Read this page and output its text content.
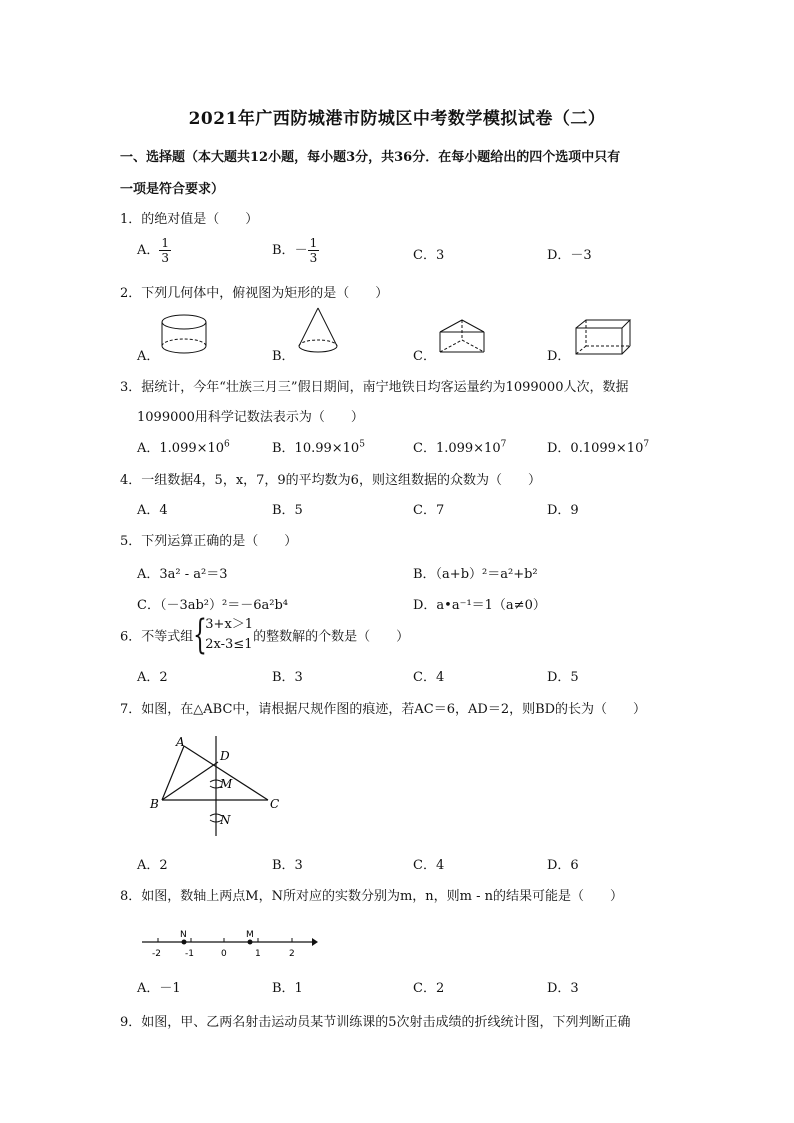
2021年广西防城港市防城区中考数学模拟试卷（二）
一、选择题（本大题共12小题，每小题3分，共36分．在每小题给出的四个选项中只有
一项是符合要求）
1．的绝对值是（　　）
A． $\frac{1}{3}$	B．－ $\frac{1}{3}$	C．3	D．－3
2．下列几何体中，俯视图为矩形的是（　　）
A．	B．	C．	D．
3．据统计，今年“壮族三月三”假日期间，南宁地铁日均客运量约为1099000人次，数据
1099000用科学记数法表示为（　　）
A．$1.099\times 10^6$	B．$10.99\times 10^5$	C．$1.099\times 10^7$	D．$0.1099\times 10^7$
4．一组数据4，5，x，7，9的平均数为6，则这组数据的众数为（　　）
A．4	B．5	C．7	D．9
5．下列运算正确的是（　　）
A．3a² - a²＝3	B．（a+b）²＝a²+b²
C．（－3ab²）²＝－6a²b⁴	D．a•a⁻¹＝1（a≠0）
6．不等式组 {
3+x＞1
2x-3≤1 的整数解的个数是（　　）
A．2	B．3	C．4	D．5
7．如图，在△ABC中，请根据尺规作图的痕迹，若AC＝6，AD＝2，则BD的长为（　　）
A
B	C
D
M
N
A．2	B．3	C．4	D．6
8．如图，数轴上两点M，N所对应的实数分别为m，n，则m - n的结果可能是（　　）
N	M
-2	-1	0	1	2
A．－1	B．1	C．2	D．3
9．如图，甲、乙两名射击运动员某节训练课的5次射击成绩的折线统计图，下列判断正确
